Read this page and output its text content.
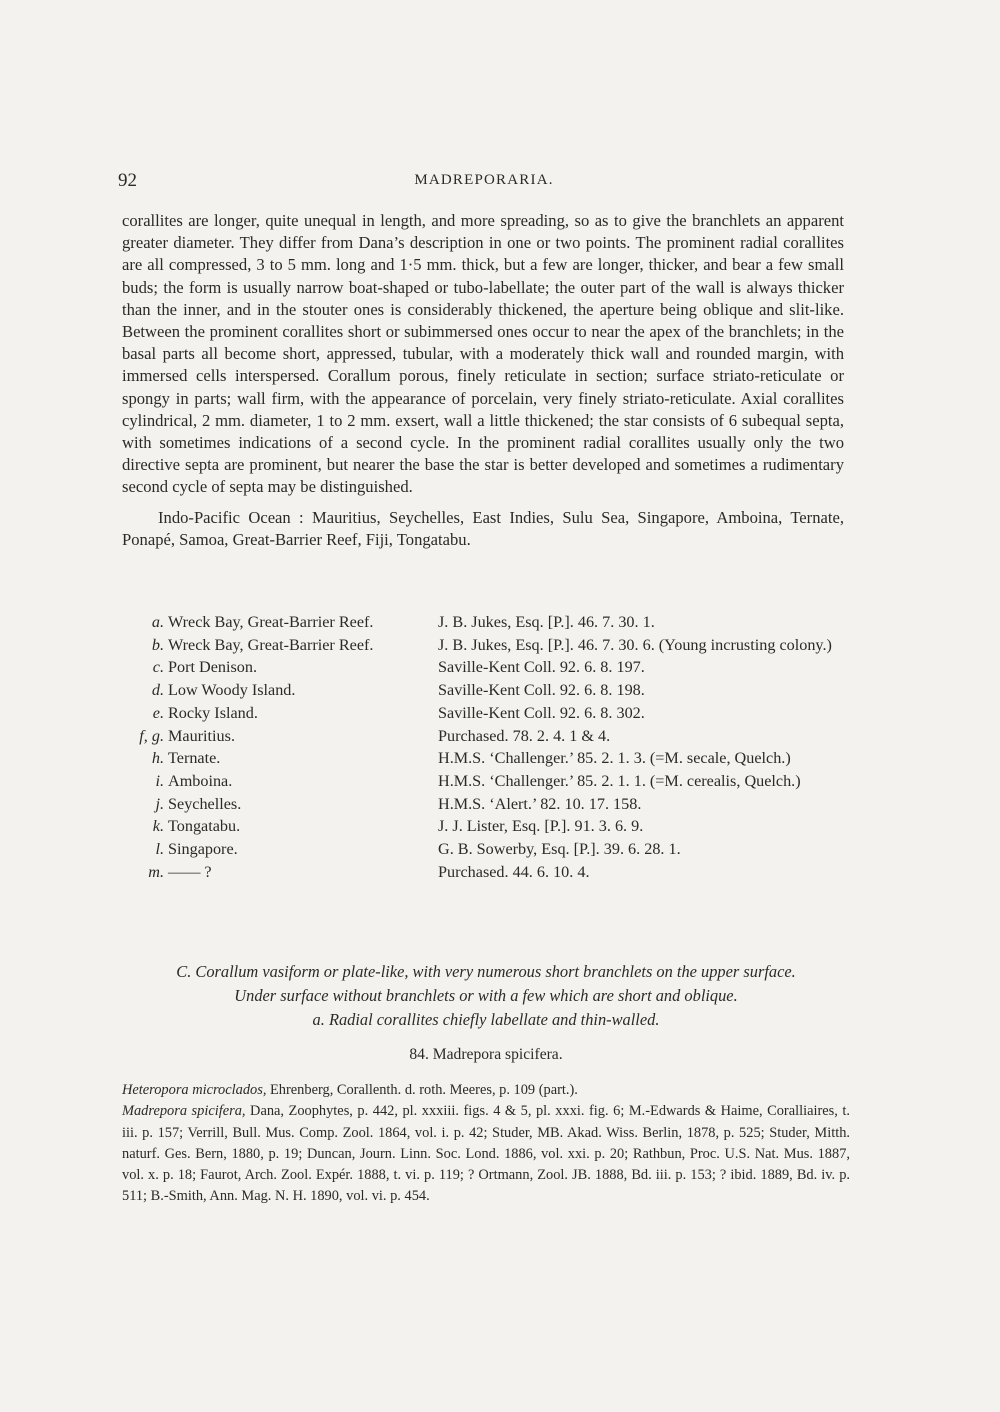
92	MADREPORARIA.

corallites are longer, quite unequal in length, and more spreading, so as to give the branchlets an apparent greater diameter. They differ from Dana’s description in one or two points. The prominent radial corallites are all compressed, 3 to 5 mm. long and 1·5 mm. thick, but a few are longer, thicker, and bear a few small buds; the form is usually narrow boat-shaped or tubo-labellate; the outer part of the wall is always thicker than the inner, and in the stouter ones is considerably thickened, the aperture being oblique and slit-like. Between the prominent corallites short or subimmersed ones occur to near the apex of the branchlets; in the basal parts all become short, appressed, tubular, with a moderately thick wall and rounded margin, with immersed cells interspersed. Corallum porous, finely reticulate in section; surface striato-reticulate or spongy in parts; wall firm, with the appearance of porcelain, very finely striato-reticulate. Axial corallites cylindrical, 2 mm. diameter, 1 to 2 mm. exsert, wall a little thickened; the star consists of 6 subequal septa, with sometimes indications of a second cycle. In the prominent radial corallites usually only the two directive septa are prominent, but nearer the base the star is better developed and sometimes a rudimentary second cycle of septa may be distinguished.

Indo-Pacific Ocean : Mauritius, Seychelles, East Indies, Sulu Sea, Singapore, Amboina, Ternate, Ponapé, Samoa, Great-Barrier Reef, Fiji, Tongatabu.

a. Wreck Bay, Great-Barrier Reef.	J. B. Jukes, Esq. [P.]. 46. 7. 30. 1.
b. Wreck Bay, Great-Barrier Reef.	J. B. Jukes, Esq. [P.]. 46. 7. 30. 6. (Young incrusting colony.)
c. Port Denison.	Saville-Kent Coll. 92. 6. 8. 197.
d. Low Woody Island.	Saville-Kent Coll. 92. 6. 8. 198.
e. Rocky Island.	Saville-Kent Coll. 92. 6. 8. 302.
f, g. Mauritius.	Purchased. 78. 2. 4. 1 & 4.
h. Ternate.	H.M.S. ‘Challenger.’ 85. 2. 1. 3. (=M. secale, Quelch.)
i. Amboina.	H.M.S. ‘Challenger.’ 85. 2. 1. 1. (=M. cerealis, Quelch.)
j. Seychelles.	H.M.S. ‘Alert.’ 82. 10. 17. 158.
k. Tongatabu.	J. J. Lister, Esq. [P.]. 91. 3. 6. 9.
l. Singapore.	G. B. Sowerby, Esq. [P.]. 39. 6. 28. 1.
m. —— ?	Purchased. 44. 6. 10. 4.
C. Corallum vasiform or plate-like, with very numerous short branchlets on the upper surface.
Under surface without branchlets or with a few which are short and oblique.
a. Radial corallites chiefly labellate and thin-walled.
84. Madrepora spicifera.

Heteropora microclados, Ehrenberg, Corallenth. d. roth. Meeres, p. 109 (part.).

Madrepora spicifera, Dana, Zoophytes, p. 442, pl. xxxiii. figs. 4 & 5, pl. xxxi. fig. 6; M.-Edwards & Haime, Coralliaires, t. iii. p. 157; Verrill, Bull. Mus. Comp. Zool. 1864, vol. i. p. 42; Studer, MB. Akad. Wiss. Berlin, 1878, p. 525; Studer, Mitth. naturf. Ges. Bern, 1880, p. 19; Duncan, Journ. Linn. Soc. Lond. 1886, vol. xxi. p. 20; Rathbun, Proc. U.S. Nat. Mus. 1887, vol. x. p. 18; Faurot, Arch. Zool. Expér. 1888, t. vi. p. 119; ? Ortmann, Zool. JB. 1888, Bd. iii. p. 153; ? ibid. 1889, Bd. iv. p. 511; B.-Smith, Ann. Mag. N. H. 1890, vol. vi. p. 454.
